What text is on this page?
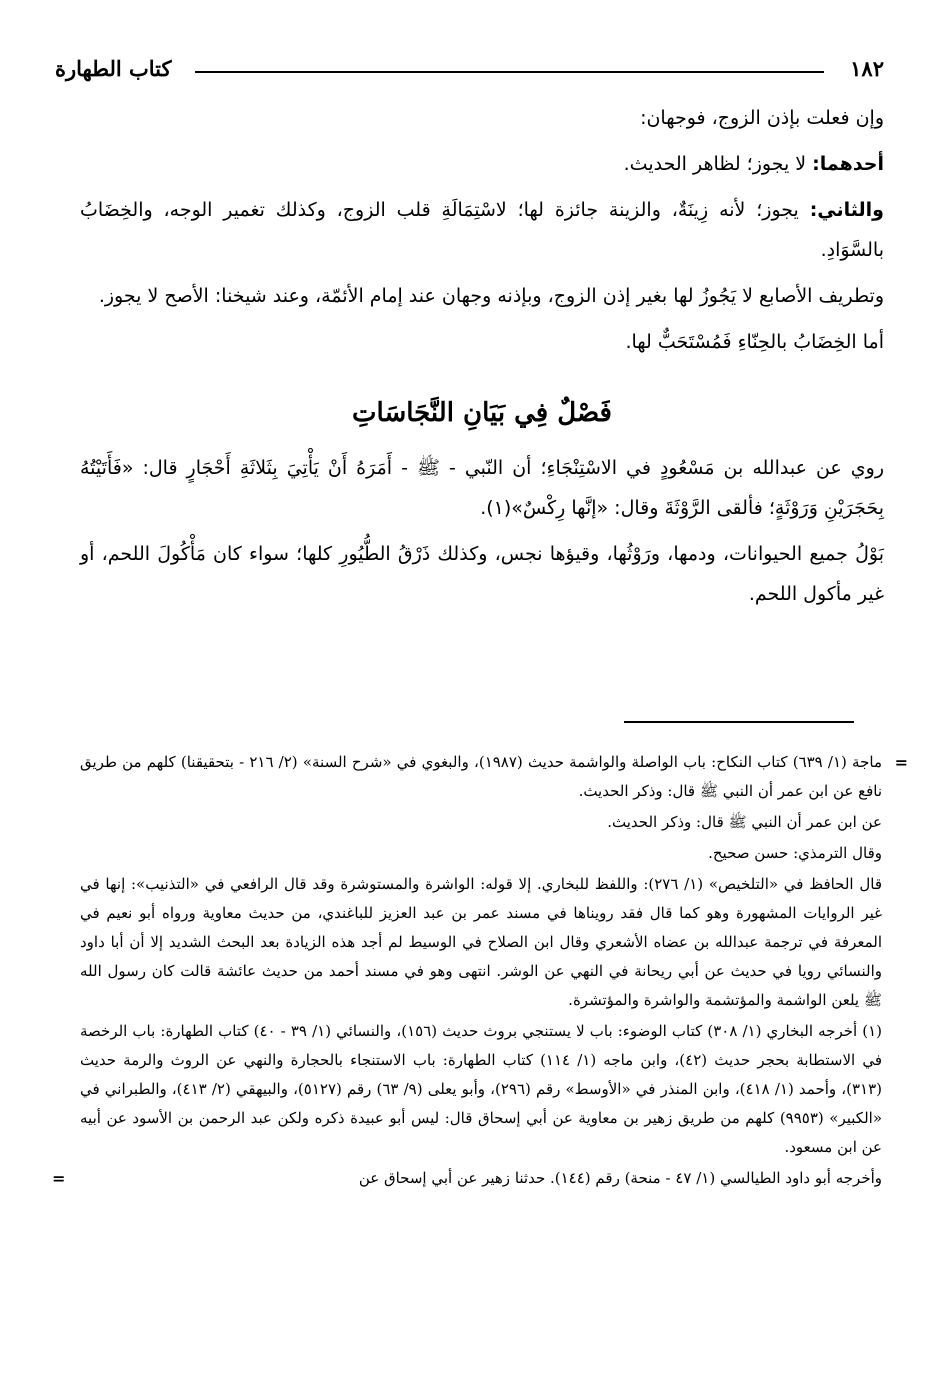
كتاب الطهارة	١٨٢

وإن فعلت بإذن الزوج، فوجهان:

أحدهما: لا يجوز؛ لظاهر الحديث.

والثاني: يجوز؛ لأنه زِينَةٌ، والزينة جائزة لها؛ لاسْتِمَالَةِ قلب الزوج، وكذلك تغمير الوجه، والخِضَابُ بالسَّوَادِ.

وتطريف الأصابع لا يَجُوزُ لها بغير إذن الزوج، وبإذنه وجهان عند إمام الأئمّة، وعند شيخنا: الأصح لا يجوز.

أما الخِضَابُ بالحِنّاءِ فَمُسْتَحَبٌّ لها.

فَصْلٌ فِي بَيَانِ النَّجَاسَاتِ

روي عن عبدالله بن مَسْعُودٍ في الاسْتِنْجَاءِ؛ أن النّبي - ﷺ - أَمَرَهُ أَنْ يَأْتِيَ بِثَلاثَةِ أَحْجَارٍ قال: «فَأَتَيْتُهُ بِحَجَرَيْنِ وَرَوْثَةٍ؛ فألقى الرَّوْثَةَ وقال: «إنَّها رِكْسٌ»(١).

بَوْلُ جميع الحيوانات، ودمها، ورَوْثُها، وقيؤها نجس، وكذلك ذَرْقُ الطُّيُورِ كلها؛ سواء كان مَأْكُولَ اللحم، أو غير مأكول اللحم.

=
ماجة (١/ ٦٣٩) كتاب النكاح: باب الواصلة والواشمة حديث (١٩٨٧)، والبغوي في «شرح السنة» (٢/ ٢١٦ - بتحقيقنا) كلهم من طريق نافع عن ابن عمر أن النبي ﷺ قال: وذكر الحديث.

عن ابن عمر أن النبي ﷺ قال: وذكر الحديث.

وقال الترمذي: حسن صحيح.

قال الحافظ في «التلخيص» (١/ ٢٧٦): واللفظ للبخاري. إلا قوله: الواشرة والمستوشرة وقد قال الرافعي في «التذنيب»: إنها في غير الروايات المشهورة وهو كما قال فقد رويناها في مسند عمر بن عبد العزيز للباغندي، من حديث معاوية ورواه أبو نعيم في المعرفة في ترجمة عبدالله بن عضاه الأشعري وقال ابن الصلاح في الوسيط لم أجد هذه الزيادة بعد البحث الشديد إلا أن أبا داود والنسائي رويا في حديث عن أبي ريحانة في النهي عن الوشر. انتهى وهو في مسند أحمد من حديث عائشة قالت كان رسول الله ﷺ يلعن الواشمة والمؤتشمة والواشرة والمؤتشرة.

(١) أخرجه البخاري (١/ ٣٠٨) كتاب الوضوء: باب لا يستنجي بروث حديث (١٥٦)، والنسائي (١/ ٣٩ - ٤٠) كتاب الطهارة: باب الرخصة في الاستطابة بحجر حديث (٤٢)، وابن ماجه (١/ ١١٤) كتاب الطهارة: باب الاستنجاء بالحجارة والنهي عن الروث والرمة حديث (٣١٣)، وأحمد (١/ ٤١٨)، وابن المنذر في «الأوسط» رقم (٢٩٦)، وأبو يعلى (٩/ ٦٣) رقم (٥١٢٧)، والبيهقي (٢/ ٤١٣)، والطبراني في «الكبير» (٩٩٥٣) كلهم من طريق زهير بن معاوية عن أبي إسحاق قال: ليس أبو عبيدة ذكره ولكن عبد الرحمن بن الأسود عن أبيه عن ابن مسعود.

وأخرجه أبو داود الطيالسي (١/ ٤٧ - منحة) رقم (١٤٤). حدثنا زهير عن أبي إسحاق عن
=
